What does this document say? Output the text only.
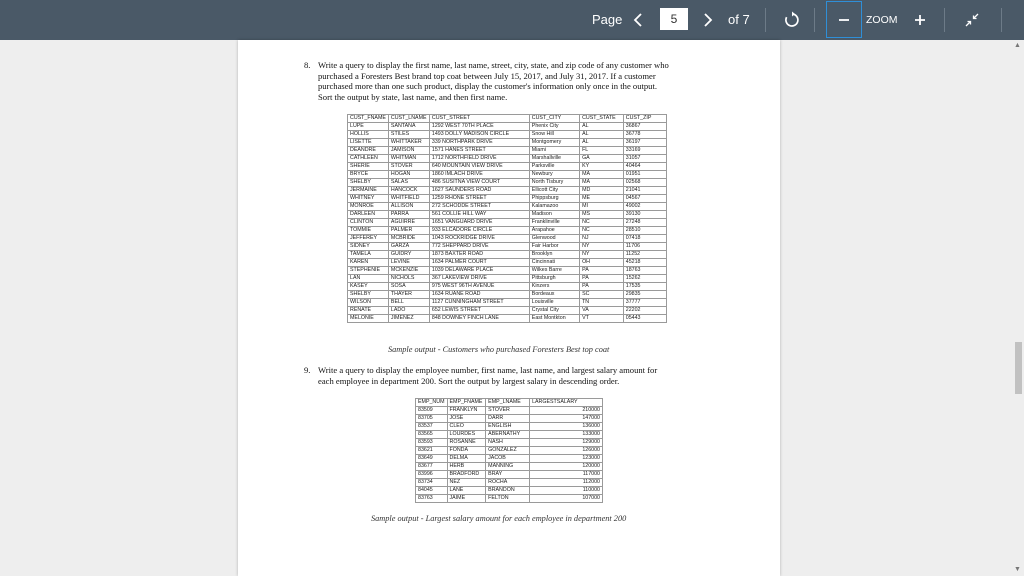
Page
5	of 7	ZOOM
8. Write a query to display the first name, last name, street, city, state, and zip code of any customer who
purchased a Foresters Best brand top coat between July 15, 2017, and July 31, 2017. If a customer
purchased more than one such product, display the customer's information only once in the output.
Sort the output by state, last name, and then first name.
CUST_FNAME	CUST_LNAME	CUST_STREET	CUST_CITY	CUST_STATE	CUST_ZIP
LUPE	SANTANA	1292 WEST 70TH PLACE	Phenix City	AL	36867
HOLLIS	STILES	1493 DOLLY MADISON CIRCLE	Snow Hill	AL	36778
LISETTE	WHITTAKER	339 NORTHPARK DRIVE	Montgomery	AL	36197
DEANDRE	JAMISON	1571 HANES STREET	Miami	FL	33169
CATHLEEN	WHITMAN	1712 NORTHFIELD DRIVE	Marshallville	GA	31057
SHERIE	STOVER	640 MOUNTAIN VIEW DRIVE	Parksville	KY	40464
BRYCE	HOGAN	1860 IMLACH DRIVE	Newbury	MA	01951
SHELBY	SALAS	486 SUSITNA VIEW COURT	North Tisbury	MA	02568
JERMAINE	HANCOCK	1627 SAUNDERS ROAD	Ellicott City	MD	21041
WHITNEY	WHITFIELD	1259 RHONE STREET	Phippsburg	ME	04567
MONROE	ALLISON	272 SCHODDE STREET	Kalamazoo	MI	49002
DARLEEN	PARRA	561 COLLIE HILL WAY	Madison	MS	39130
CLINTON	AGUIRRE	1651 VANGUARD DRIVE	Franklinville	NC	27248
TOMMIE	PALMER	933 ELCADORE CIRCLE	Arapahoe	NC	28510
JEFFEREY	MCBRIDE	1043 ROCKRIDGE DRIVE	Glenwood	NJ	07418
SIDNEY	GARZA	772 SHEPPARD DRIVE	Fair Harbor	NY	11706
TAMELA	GUIDRY	1873 BAXTER ROAD	Brooklyn	NY	11252
KAREN	LEVINE	1634 PALMER COURT	Cincinnati	OH	45218
STEPHENIE	MCKENZIE	1039 DELAWARE PLACE	Wilkes Barre	PA	18763
LAN	NICHOLS	367 LAKEVIEW DRIVE	Pittsburgh	PA	15262
KASEY	SOSA	975 WEST 96TH AVENUE	Kinzers	PA	17535
SHELBY	THAYER	1634 RUANE ROAD	Bordeaux	SC	29835
WILSON	BELL	1127 CUNNINGHAM STREET	Louisville	TN	37777
RENATE	LADO	652 LEWIS STREET	Crystal City	VA	22202
MELONIE	JIMENEZ	848 DOWNEY FINCH LANE	East Montkton	VT	05443
Sample output - Customers who purchased Foresters Best top coat
9. Write a query to display the employee number, first name, last name, and largest salary amount for
each employee in department 200. Sort the output by largest salary in descending order.
EMP_NUM	EMP_FNAME	EMP_LNAME	LARGESTSALARY
83509	FRANKLYN	STOVER	210000
83705	JOSE	DARR	147000
83537	CLEO	ENGLISH	136000
83565	LOURDES	ABERNATHY	133000
83593	ROSANNE	NASH	129000
83621	FONDA	GONZALEZ	126000
83649	DELMA	JACOB	123000
83677	HERB	MANNING	120000
83996	BRADFORD	BRAY	117000
83734	NEZ	ROCHA	112000
84045	LANE	BRANDON	110000
83763	JAIME	FELTON	107000
Sample output - Largest salary amount for each employee in department 200
▲
▼
